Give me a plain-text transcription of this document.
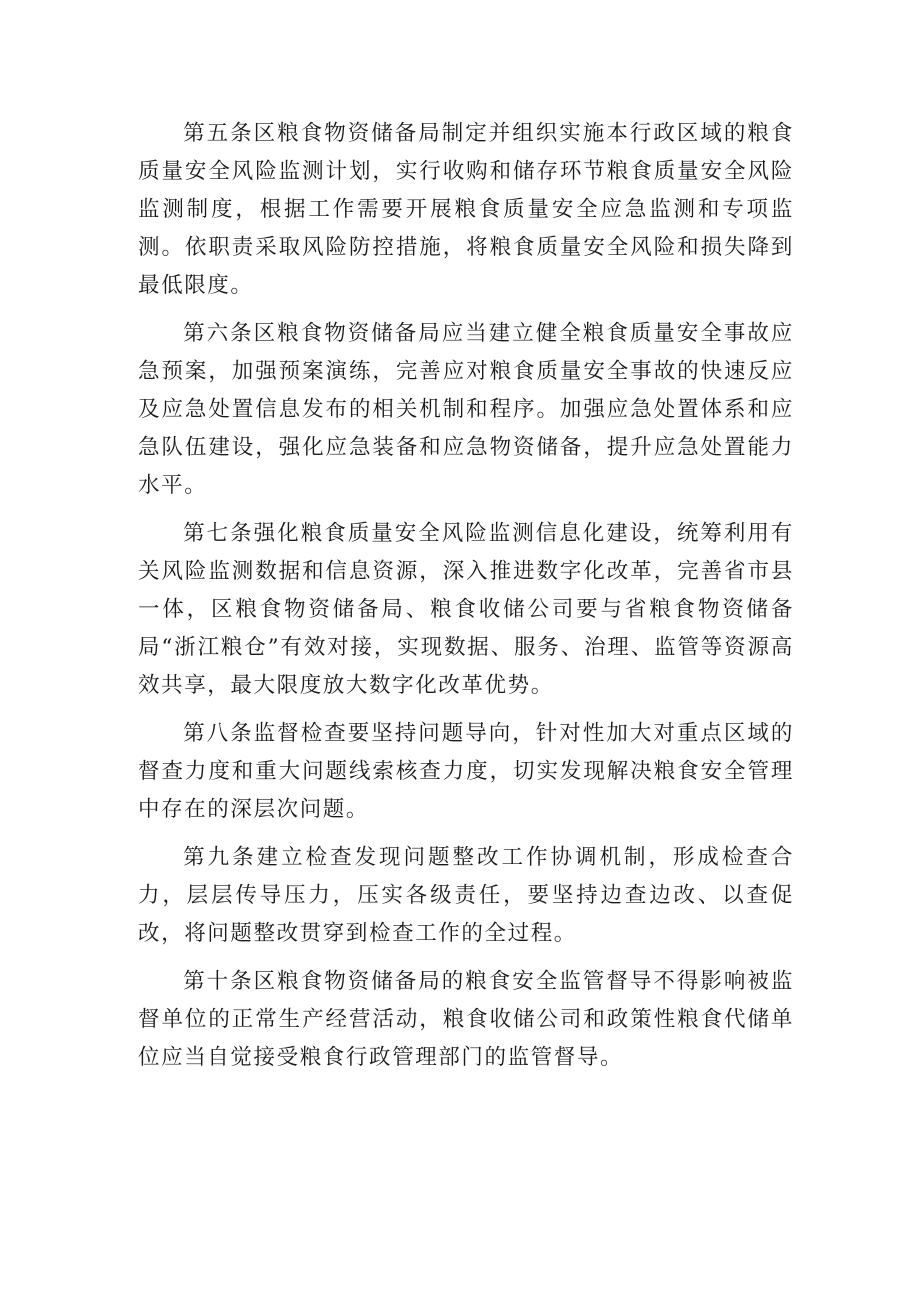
第五条区粮食物资储备局制定并组织实施本行政区域的粮食质量安全风险监测计划，实行收购和储存环节粮食质量安全风险监测制度，根据工作需要开展粮食质量安全应急监测和专项监测。依职责采取风险防控措施，将粮食质量安全风险和损失降到最低限度。

第六条区粮食物资储备局应当建立健全粮食质量安全事故应急预案，加强预案演练，完善应对粮食质量安全事故的快速反应及应急处置信息发布的相关机制和程序。加强应急处置体系和应急队伍建设，强化应急装备和应急物资储备，提升应急处置能力水平。

第七条强化粮食质量安全风险监测信息化建设，统筹利用有关风险监测数据和信息资源，深入推进数字化改革，完善省市县一体，区粮食物资储备局、粮食收储公司要与省粮食物资储备局“浙江粮仓”有效对接，实现数据、服务、治理、监管等资源高效共享，最大限度放大数字化改革优势。

第八条监督检查要坚持问题导向，针对性加大对重点区域的督查力度和重大问题线索核查力度，切实发现解决粮食安全管理中存在的深层次问题。

第九条建立检查发现问题整改工作协调机制，形成检查合力，层层传导压力，压实各级责任，要坚持边查边改、以查促改，将问题整改贯穿到检查工作的全过程。

第十条区粮食物资储备局的粮食安全监管督导不得影响被监督单位的正常生产经营活动，粮食收储公司和政策性粮食代储单位应当自觉接受粮食行政管理部门的监管督导。
